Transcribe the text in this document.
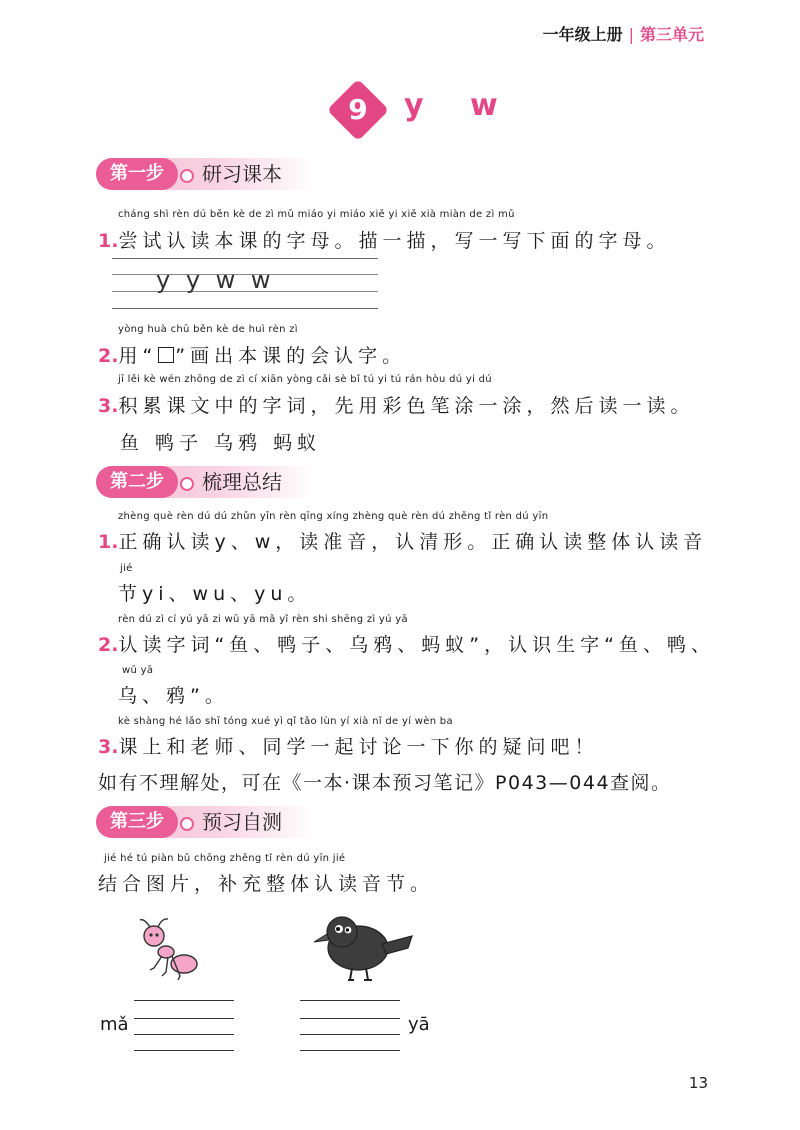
一年级上册 | 第三单元
9	y w
第一步	研习课本
cháng shì rèn dú běn kè de zì mǔ miáo yi miáo xiě yi xiě xià miàn de zì mǔ
1.尝试认读本课的字母。描一描，写一写下面的字母。
y y w w
yòng huà chū běn kè de huì rèn zì
2.用“ ”画出本课的会认字。
jī lěi kè wén zhōng de zì cí xiān yòng cǎi sè bǐ tú yi tú rán hòu dú yi dú
3.积累课文中的字词，先用彩色笔涂一涂，然后读一读。
鱼 鸭子 乌鸦 蚂蚁
第二步	梳理总结
zhèng què rèn dú dú zhǔn yīn rèn qīng xíng zhèng què rèn dú zhěng tǐ rèn dú yīn
1.正确认读y、w，读准音，认清形。正确认读整体认读音
jié
节yi、wu、yu。
rèn dú zì cí yú yā zi wū yā mǎ yǐ rèn shi shēng zì yú yā
2.认读字词“鱼、鸭子、乌鸦、蚂蚁”，认识生字“鱼、鸭、
wū yā
乌、鸦”。
kè shàng hé lǎo shī tóng xué yì qǐ tǎo lùn yí xià nǐ de yí wèn ba
3.课上和老师、同学一起讨论一下你的疑问吧！
如有不理解处，可在《一本·课本预习笔记》P043—044查阅。
第三步	预习自测
jié hé tú piàn bǔ chōng zhěng tǐ rèn dú yīn jié
结合图片，补充整体认读音节。
mǎ	yā
13
